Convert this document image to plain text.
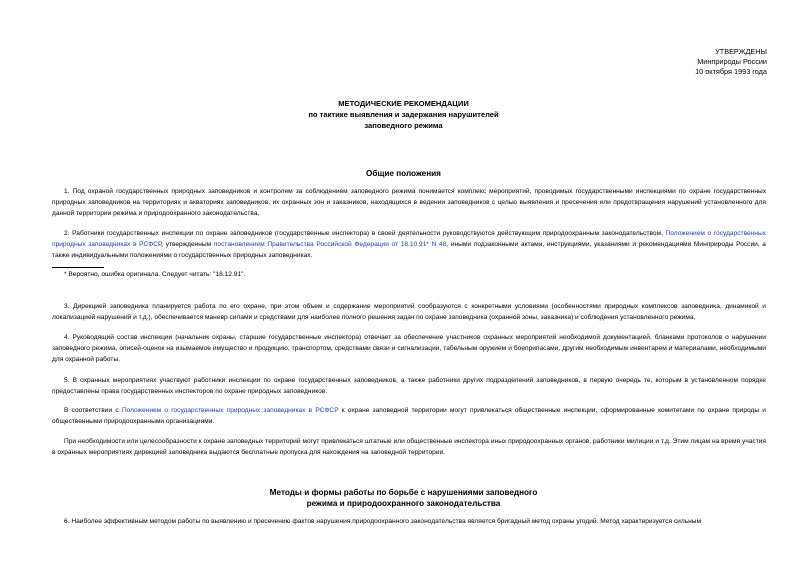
УТВЕРЖДЕНЫ
Минприроды России
10 октября 1993 года
МЕТОДИЧЕСКИЕ РЕКОМЕНДАЦИИ
по тактике выявления и задержания нарушителей
заповедного режима
Общие положения
1. Под охраной государственных природных заповедников и контролем за соблюдением заповедного режима понимается комплекс мероприятий, проводимых государственными инспекциями по охране государственных природных заповедников на территориях и акваториях заповедников, их охранных зон и заказников, находящихся в ведении заповедников с целью выявления и пресечения или предотвращения нарушений установленного для данной территории режима и природоохранного законодательства.
2. Работники государственных инспекции по охране заповедников (государственные инспектора) в своей деятельности руководствуются действующим природоохранным законодательством, Положением о государственных природных заповедниках в РСФСР, утвержденным постановлением Правительства Российской Федерации от 18.10.91* N 48, иными подзаконными актами, инструкциями, указаниями и рекомендациями Минприроды России, а также индивидуальными положениями о государственных природных заповедниках.
* Вероятно, ошибка оригинала. Следует читать: "18.12.91".
3. Дирекцией заповедника планируется работа по его охране, при этом объем и содержание мероприятий сообразуются с конкретными условиями (особенностями природных комплексов заповедника, динамикой и локализацией нарушений и т.д.), обеспечивается маневр силами и средствами для наиболее полного решения задач по охране заповедника (охранной зоны, заказника) и соблюдения установленного режима.
4. Руководящий состав инспекции (начальник охраны, старшие государственные инспектора) отвечает за обеспечение участников охранных мероприятий необходимой документацией, бланками протоколов о нарушении заповедного режима, описей-оценок на изымаемое имущество и продукцию, транспортом, средствами связи и сигнализации, табельным оружием и боеприпасами, другим необходимым инвентарем и материалами, необходимыми для охранной работы.
5. В охранных мероприятиях участвуют работники инспекции по охране государственных заповедников, а также работники других подразделений заповедников, в первую очередь те, которым в установленном порядке предоставлены права государственных инспекторов по охране природных заповедников.
В соответствии с Положением о государственных природных заповедниках в РСФСР к охране заповедной территории могут привлекаться общественные инспекции, сформированные комитетами по охране природы и общественными природоохранными организациями.
При необходимости или целесообразности к охране заповедных территорий могут привлекаться штатные или общественные инспектора иных природоохранных органов, работники милиции и т.д. Этим лицам на время участия в охранных мероприятиях дирекцией заповедника выдаются бесплатные пропуска для нахождения на заповедной территории.
Методы и формы работы по борьбе с нарушениями заповедного
режима и природоохранного законодательства
6. Наиболее эффективным методом работы по выявлению и пресечению фактов нарушения природоохранного законодательства является бригадный метод охраны угодий. Метод характеризуется сильным
